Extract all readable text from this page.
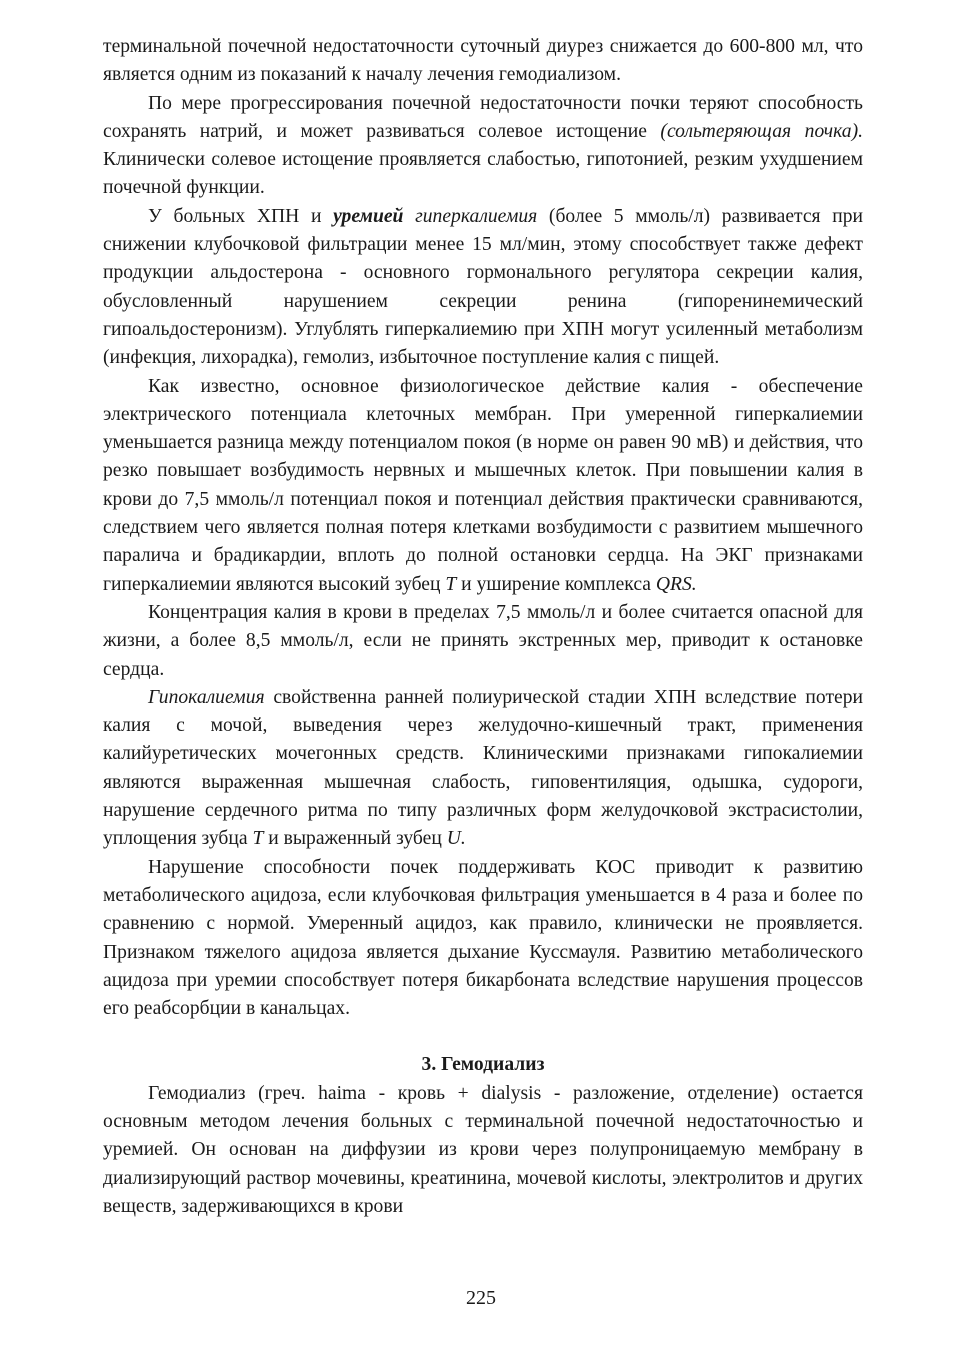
терминальной почечной недостаточности суточный диурез снижается до 600-800 мл, что является одним из показаний к началу лечения гемодиализом.

По мере прогрессирования почечной недостаточности почки теряют способность сохранять натрий, и может развиваться солевое истощение (сольтеряющая почка). Клинически солевое истощение проявляется слабостью, гипотонией, резким ухудшением почечной функции.

У больных ХПН и уремией гиперкалиемия (более 5 ммоль/л) развивается при снижении клубочковой фильтрации менее 15 мл/мин, этому способствует также дефект продукции альдостерона - основного гормонального регулятора секреции калия, обусловленный нарушением секреции ренина (гипоренинемический гипоальдостеронизм). Углублять гиперкалиемию при ХПН могут усиленный метаболизм (инфекция, лихорадка), гемолиз, избыточное поступление калия с пищей.

Как известно, основное физиологическое действие калия - обеспечение электрического потенциала клеточных мембран. При умеренной гиперкалиемии уменьшается разница между потенциалом покоя (в норме он равен 90 мВ) и действия, что резко повышает возбудимость нервных и мышечных клеток. При повышении калия в крови до 7,5 ммоль/л потенциал покоя и потенциал действия практически сравниваются, следствием чего является полная потеря клетками возбудимости с развитием мышечного паралича и брадикардии, вплоть до полной остановки сердца. На ЭКГ признаками гиперкалиемии являются высокий зубец Т и уширение комплекса QRS.

Концентрация калия в крови в пределах 7,5 ммоль/л и более считается опасной для жизни, а более 8,5 ммоль/л, если не принять экстренных мер, приводит к остановке сердца.

Гипокалиемия свойственна ранней полиурической стадии ХПН вследствие потери калия с мочой, выведения через желудочно-кишечный тракт, применения калийуретических мочегонных средств. Клиническими признаками гипокалиемии являются выраженная мышечная слабость, гиповентиляция, одышка, судороги, нарушение сердечного ритма по типу различных форм желудочковой экстрасистолии, уплощения зубца Т и выраженный зубец U.

Нарушение способности почек поддерживать КОС приводит к развитию метаболического ацидоза, если клубочковая фильтрация уменьшается в 4 раза и более по сравнению с нормой. Умеренный ацидоз, как правило, клинически не проявляется. Признаком тяжелого ацидоза является дыхание Куссмауля. Развитию метаболического ацидоза при уремии способствует потеря бикарбоната вследствие нарушения процессов его реабсорбции в канальцах.

3. Гемодиализ

Гемодиализ (греч. haima - кровь + dialysis - разложение, отделение) остается основным методом лечения больных с терминальной почечной недостаточностью и уремией. Он основан на диффузии из крови через полупроницаемую мембрану в диализирующий раствор мочевины, креатинина, мочевой кислоты, электролитов и других веществ, задерживающихся в крови

225
